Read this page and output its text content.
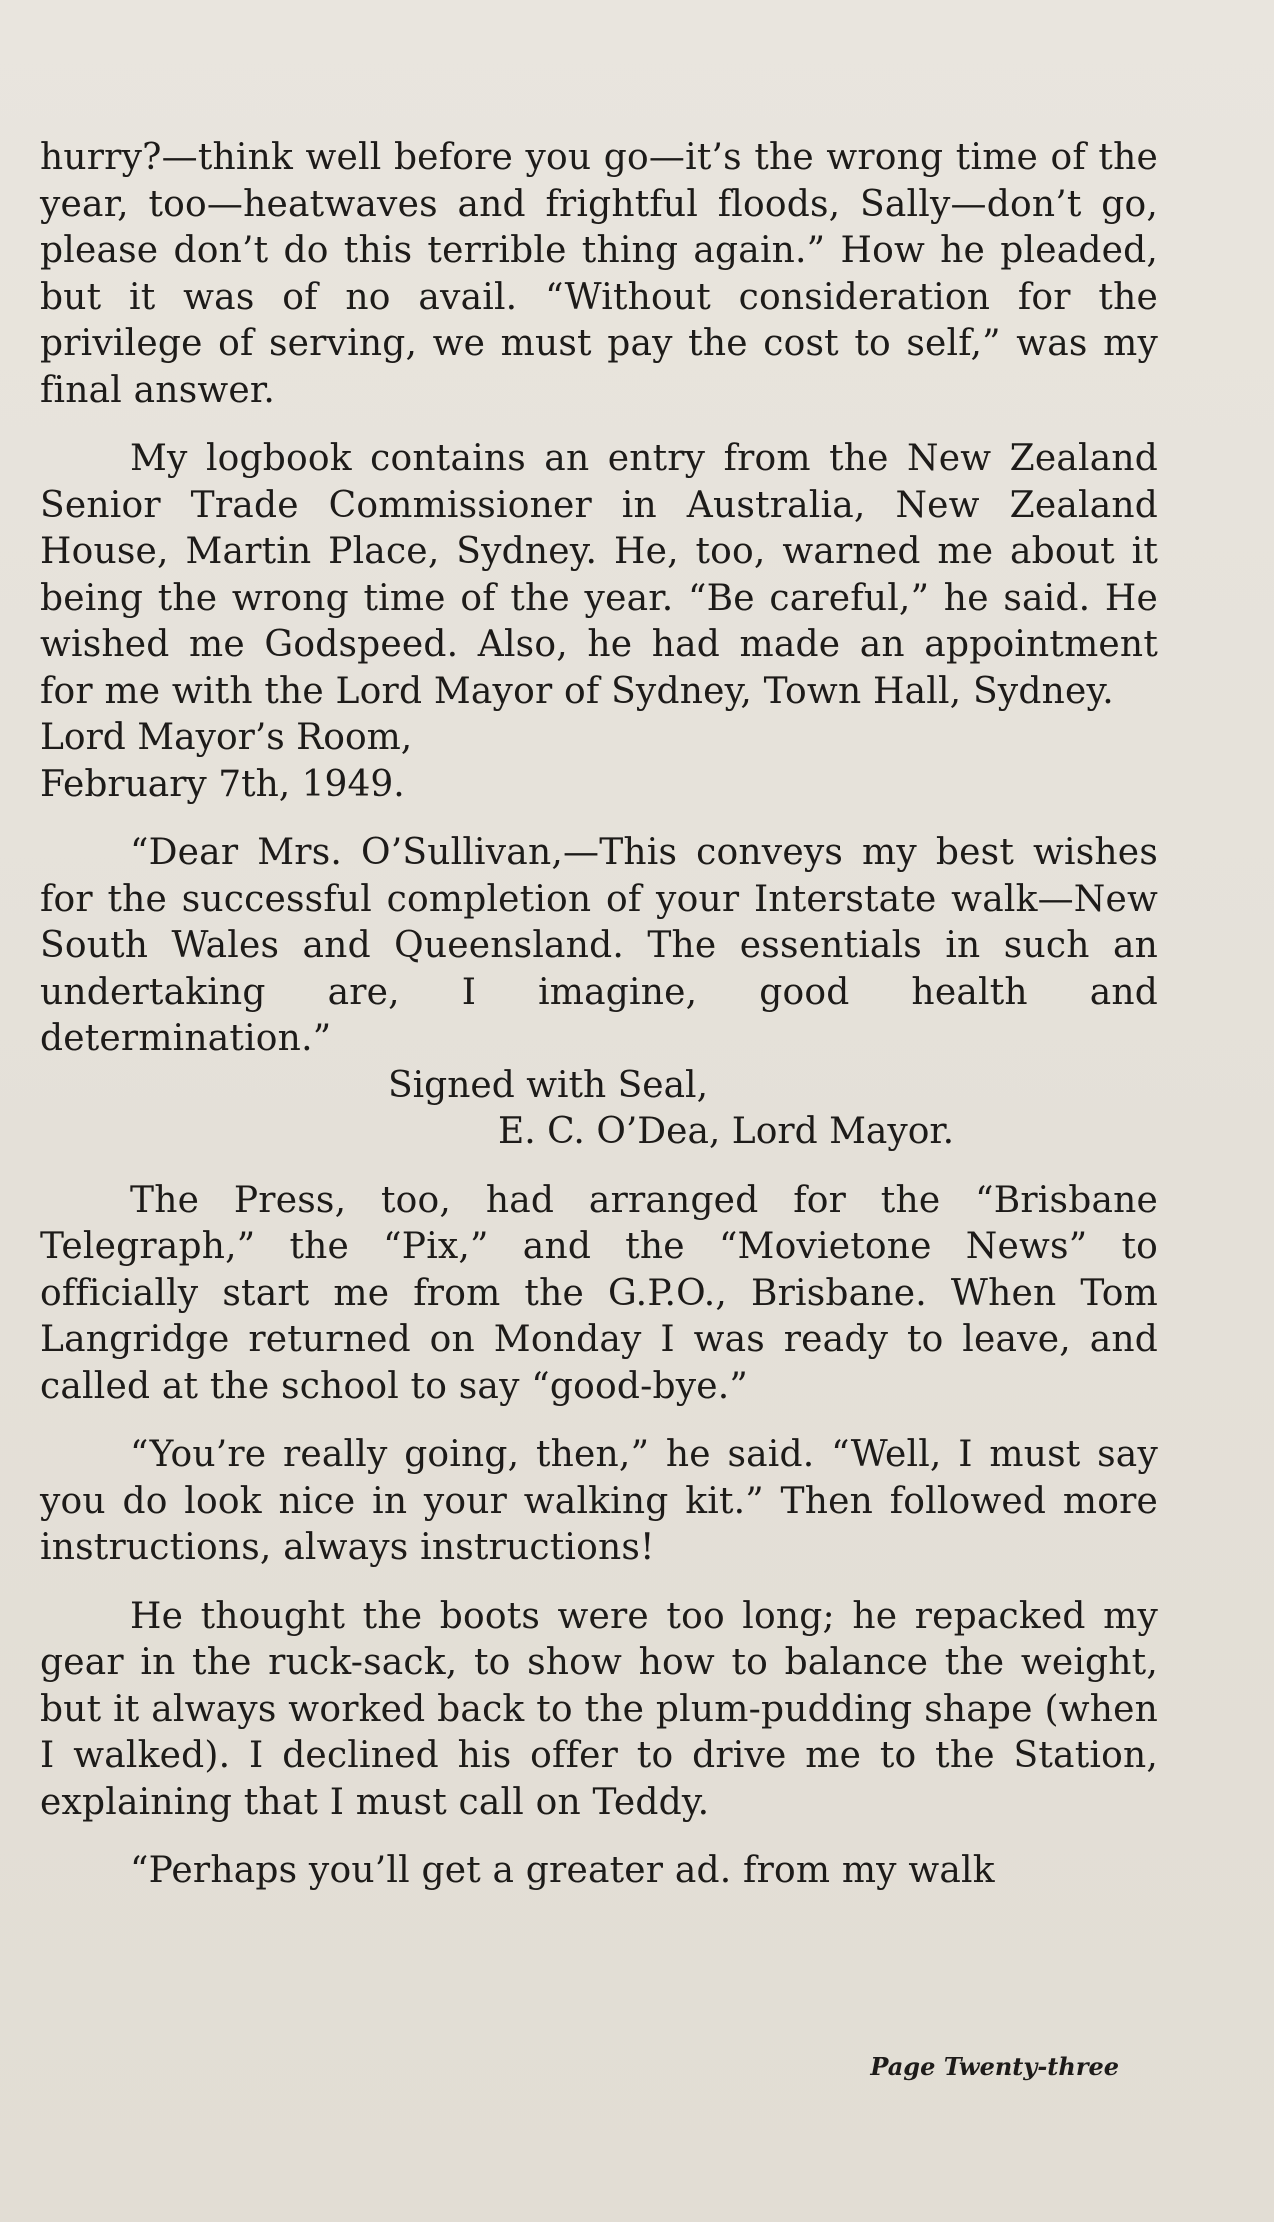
hurry?—think well before you go—it’s the wrong time of the year, too—heatwaves and frightful floods, Sally—don’t go, please don’t do this terrible thing again.” How he pleaded, but it was of no avail. “Without consideration for the privilege of serving, we must pay the cost to self,” was my final answer.

My logbook contains an entry from the New Zealand Senior Trade Commissioner in Australia, New Zealand House, Martin Place, Sydney. He, too, warned me about it being the wrong time of the year. “Be careful,” he said. He wished me Godspeed. Also, he had made an appointment for me with the Lord Mayor of Sydney, Town Hall, Sydney.

Lord Mayor’s Room,

February 7th, 1949.

“Dear Mrs. O’Sullivan,—This conveys my best wishes for the successful completion of your Interstate walk—New South Wales and Queensland. The essentials in such an undertaking are, I imagine, good health and determination.”

Signed with Seal,

E. C. O’Dea, Lord Mayor.

The Press, too, had arranged for the “Brisbane Telegraph,” the “Pix,” and the “Movietone News” to officially start me from the G.P.O., Brisbane. When Tom Langridge returned on Monday I was ready to leave, and called at the school to say “good-bye.”

“You’re really going, then,” he said. “Well, I must say you do look nice in your walking kit.” Then followed more instructions, always instructions!

He thought the boots were too long; he repacked my gear in the ruck-sack, to show how to balance the weight, but it always worked back to the plum-pudding shape (when I walked). I declined his offer to drive me to the Station, explaining that I must call on Teddy.

“Perhaps you’ll get a greater ad. from my walk

Page Twenty-three
